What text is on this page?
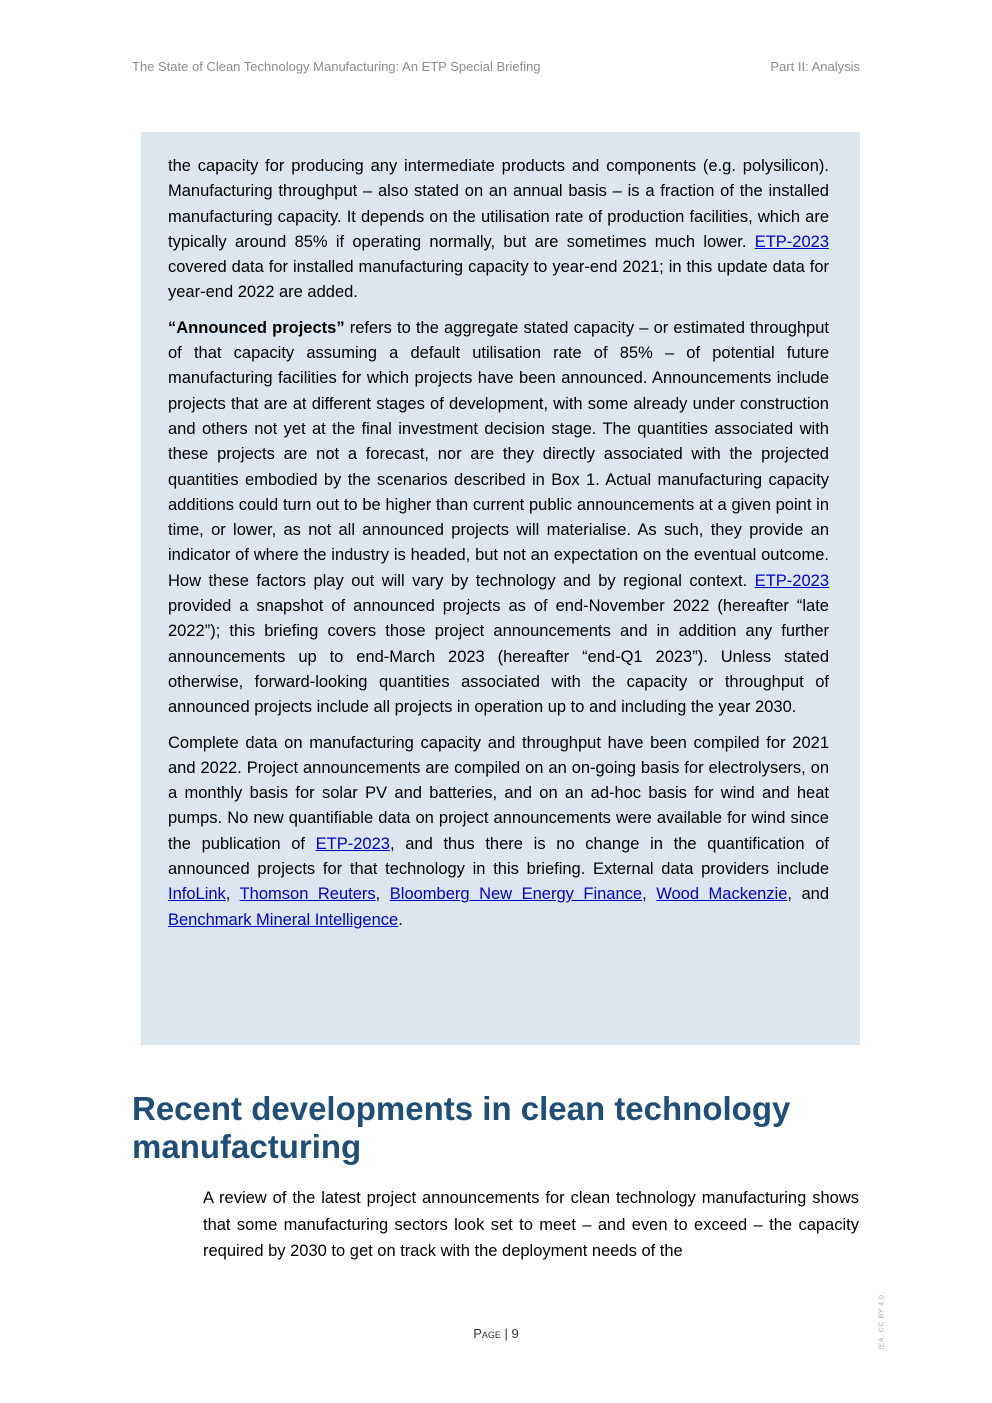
The State of Clean Technology Manufacturing: An ETP Special Briefing	Part II: Analysis

the capacity for producing any intermediate products and components (e.g. polysilicon). Manufacturing throughput – also stated on an annual basis – is a fraction of the installed manufacturing capacity. It depends on the utilisation rate of production facilities, which are typically around 85% if operating normally, but are sometimes much lower. ETP-2023 covered data for installed manufacturing capacity to year-end 2021; in this update data for year-end 2022 are added.

“Announced projects” refers to the aggregate stated capacity – or estimated throughput of that capacity assuming a default utilisation rate of 85% – of potential future manufacturing facilities for which projects have been announced. Announcements include projects that are at different stages of development, with some already under construction and others not yet at the final investment decision stage. The quantities associated with these projects are not a forecast, nor are they directly associated with the projected quantities embodied by the scenarios described in Box 1. Actual manufacturing capacity additions could turn out to be higher than current public announcements at a given point in time, or lower, as not all announced projects will materialise. As such, they provide an indicator of where the industry is headed, but not an expectation on the eventual outcome. How these factors play out will vary by technology and by regional context. ETP-2023 provided a snapshot of announced projects as of end-November 2022 (hereafter “late 2022”); this briefing covers those project announcements and in addition any further announcements up to end-March 2023 (hereafter “end-Q1 2023”). Unless stated otherwise, forward-looking quantities associated with the capacity or throughput of announced projects include all projects in operation up to and including the year 2030.

Complete data on manufacturing capacity and throughput have been compiled for 2021 and 2022. Project announcements are compiled on an on-going basis for electrolysers, on a monthly basis for solar PV and batteries, and on an ad-hoc basis for wind and heat pumps. No new quantifiable data on project announcements were available for wind since the publication of ETP-2023, and thus there is no change in the quantification of announced projects for that technology in this briefing. External data providers include InfoLink, Thomson Reuters, Bloomberg New Energy Finance, Wood Mackenzie, and Benchmark Mineral Intelligence.

Recent developments in clean technology manufacturing

A review of the latest project announcements for clean technology manufacturing shows that some manufacturing sectors look set to meet – and even to exceed – the capacity required by 2030 to get on track with the deployment needs of the

Page | 9	IEA. CC BY 4.0.
